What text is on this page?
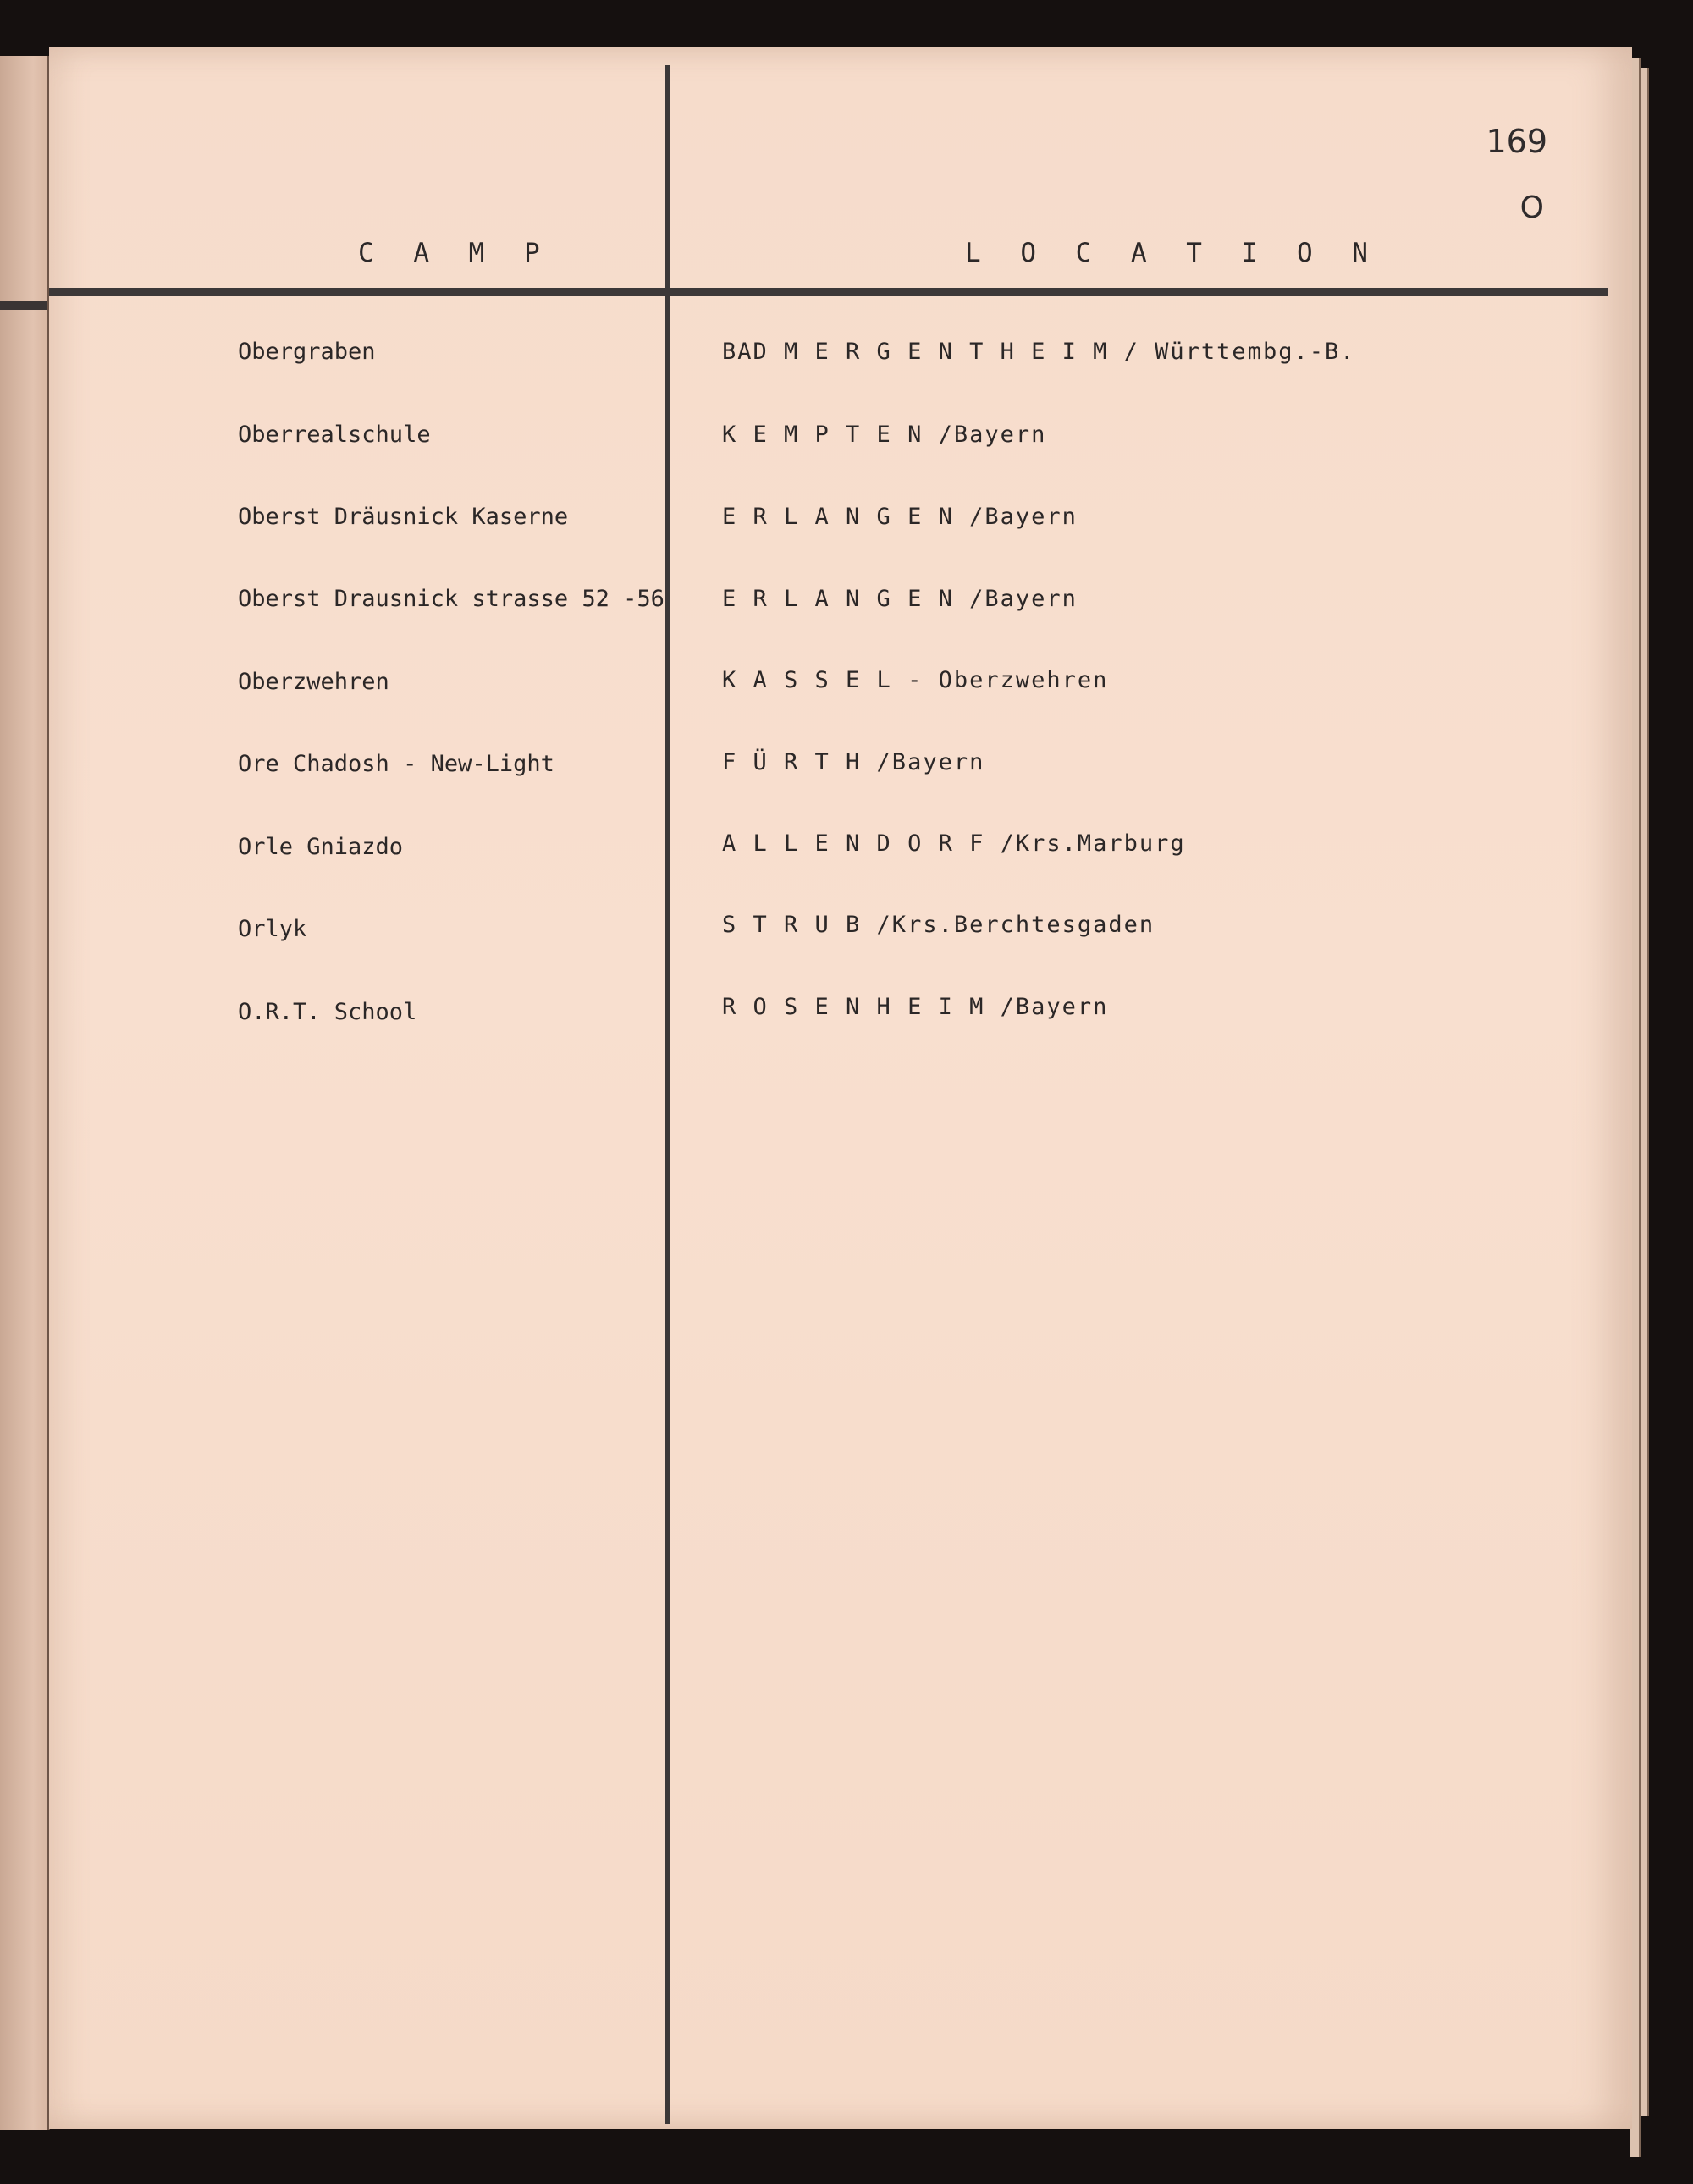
169
O
C A M P	L O C A T I O N
Obergraben	BAD M E R G E N T H E I M / Württembg.-B.
Oberrealschule	K E M P T E N /Bayern
Oberst Dräusnick Kaserne	E R L A N G E N /Bayern
Oberst Drausnick strasse 52 -56	E R L A N G E N /Bayern
Oberzwehren	K A S S E L - Oberzwehren
Ore Chadosh - New-Light	F Ü R T H /Bayern
Orle Gniazdo	A L L E N D O R F /Krs.Marburg
Orlyk	S T R U B /Krs.Berchtesgaden
O.R.T. School	R O S E N H E I M /Bayern
